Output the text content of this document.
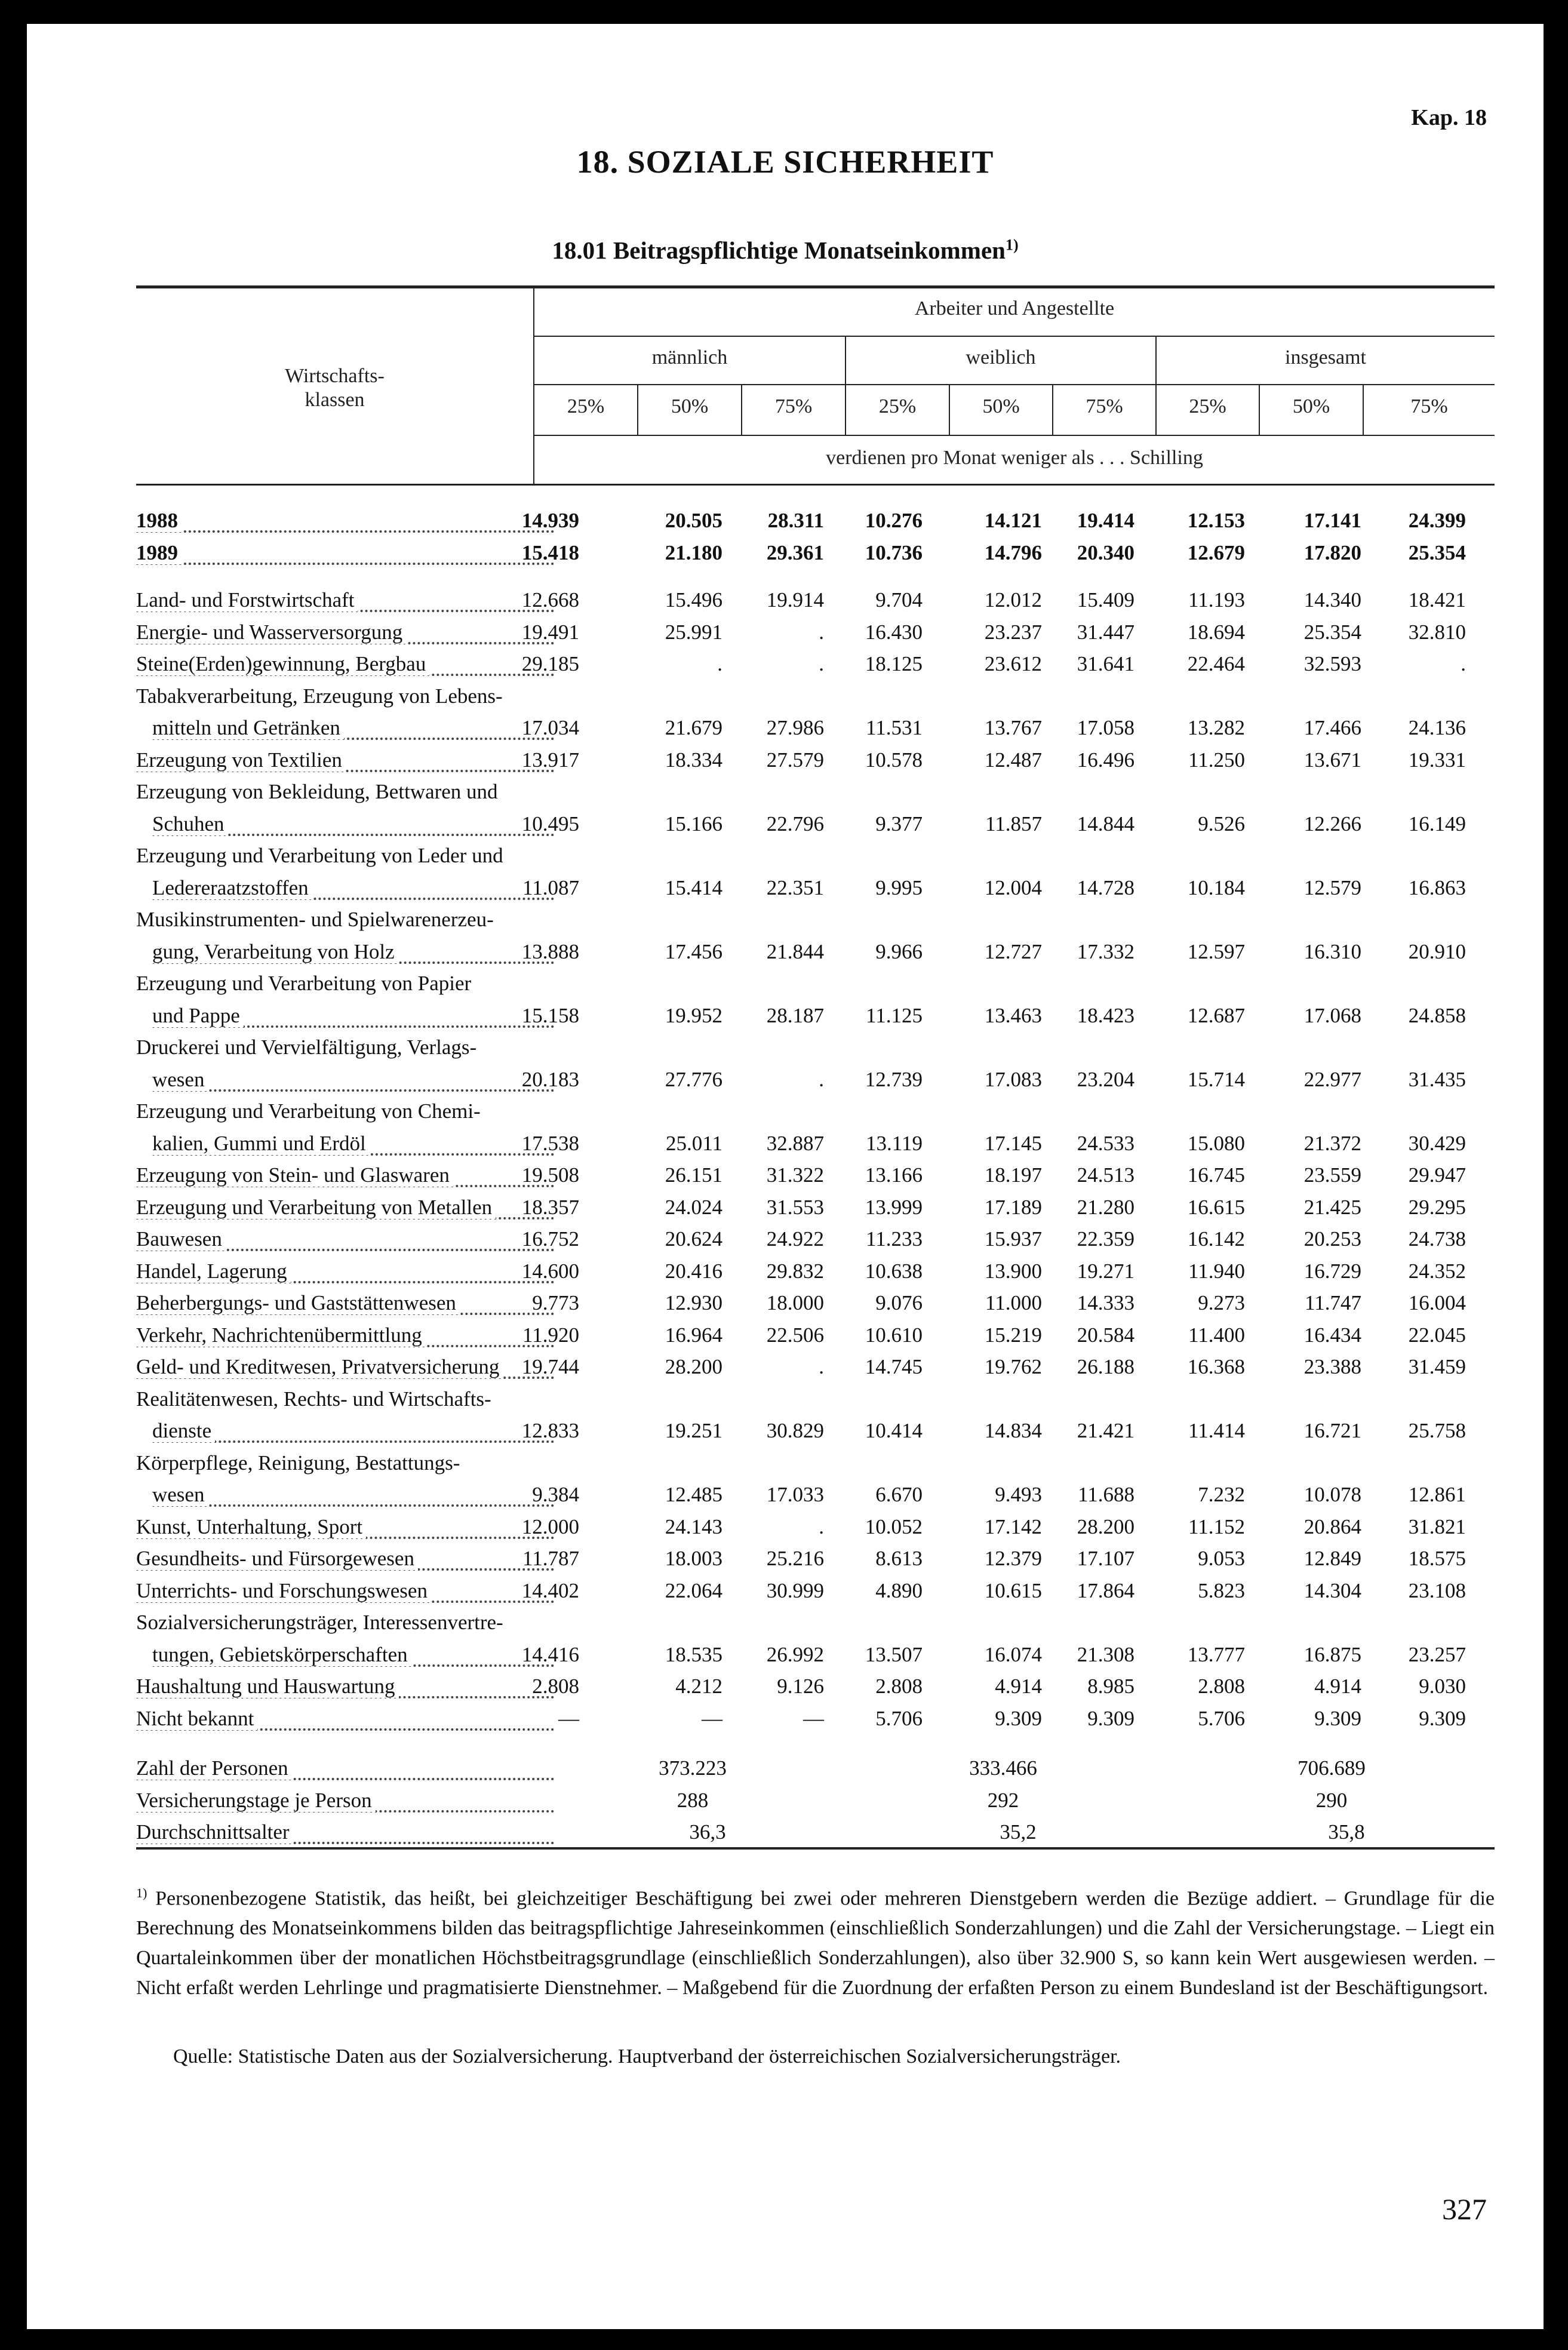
Kap. 18
18. SOZIALE SICHERHEIT
18.01 Beitragspflichtige Monatseinkommen$^{1)}$
Wirtschafts-
klassen
Arbeiter und Angestellte
männlich	weiblich	insgesamt
25%	50%	75%	25%	50%	75%	25%	50%	75%
verdienen pro Monat weniger als . . . Schilling
1988	14.939	20.505	28.311	10.276	14.121	19.414	12.153	17.141	24.399
1989	15.418	21.180	29.361	10.736	14.796	20.340	12.679	17.820	25.354
Land- und Forstwirtschaft	12.668	15.496	19.914	9.704	12.012	15.409	11.193	14.340	18.421
Energie- und Wasserversorgung	19.491	25.991	.	16.430	23.237	31.447	18.694	25.354	32.810
Steine(Erden)gewinnung, Bergbau	29.185	.	.	18.125	23.612	31.641	22.464	32.593	.
Tabakverarbeitung, Erzeugung von Lebens-
mitteln und Getränken	17.034	21.679	27.986	11.531	13.767	17.058	13.282	17.466	24.136
Erzeugung von Textilien	13.917	18.334	27.579	10.578	12.487	16.496	11.250	13.671	19.331
Erzeugung von Bekleidung, Bettwaren und
Schuhen	10.495	15.166	22.796	9.377	11.857	14.844	9.526	12.266	16.149
Erzeugung und Verarbeitung von Leder und
Ledereraatzstoffen	11.087	15.414	22.351	9.995	12.004	14.728	10.184	12.579	16.863
Musikinstrumenten- und Spielwarenerzeu-
gung, Verarbeitung von Holz	13.888	17.456	21.844	9.966	12.727	17.332	12.597	16.310	20.910
Erzeugung und Verarbeitung von Papier
und Pappe	15.158	19.952	28.187	11.125	13.463	18.423	12.687	17.068	24.858
Druckerei und Vervielfältigung, Verlags-
wesen	20.183	27.776	.	12.739	17.083	23.204	15.714	22.977	31.435
Erzeugung und Verarbeitung von Chemi-
kalien, Gummi und Erdöl	17.538	25.011	32.887	13.119	17.145	24.533	15.080	21.372	30.429
Erzeugung von Stein- und Glaswaren	19.508	26.151	31.322	13.166	18.197	24.513	16.745	23.559	29.947
Erzeugung und Verarbeitung von Metallen	18.357	24.024	31.553	13.999	17.189	21.280	16.615	21.425	29.295
Bauwesen	16.752	20.624	24.922	11.233	15.937	22.359	16.142	20.253	24.738
Handel, Lagerung	14.600	20.416	29.832	10.638	13.900	19.271	11.940	16.729	24.352
Beherbergungs- und Gaststättenwesen	9.773	12.930	18.000	9.076	11.000	14.333	9.273	11.747	16.004
Verkehr, Nachrichtenübermittlung	11.920	16.964	22.506	10.610	15.219	20.584	11.400	16.434	22.045
Geld- und Kreditwesen, Privatversicherung	19.744	28.200	.	14.745	19.762	26.188	16.368	23.388	31.459
Realitätenwesen, Rechts- und Wirtschafts-
dienste	12.833	19.251	30.829	10.414	14.834	21.421	11.414	16.721	25.758
Körperpflege, Reinigung, Bestattungs-
wesen	9.384	12.485	17.033	6.670	9.493	11.688	7.232	10.078	12.861
Kunst, Unterhaltung, Sport	12.000	24.143	.	10.052	17.142	28.200	11.152	20.864	31.821
Gesundheits- und Fürsorgewesen	11.787	18.003	25.216	8.613	12.379	17.107	9.053	12.849	18.575
Unterrichts- und Forschungswesen	14.402	22.064	30.999	4.890	10.615	17.864	5.823	14.304	23.108
Sozialversicherungsträger, Interessenvertre-
tungen, Gebietskörperschaften	14.416	18.535	26.992	13.507	16.074	21.308	13.777	16.875	23.257
Haushaltung und Hauswartung	2.808	4.212	9.126	2.808	4.914	8.985	2.808	4.914	9.030
Nicht bekannt	—	—	—	5.706	9.309	9.309	5.706	9.309	9.309
Zahl der Personen	373.223	333.466	706.689
Versicherungstage je Person	288	292	290
Durchschnittsalter	36,3	35,2	35,8
$^{1)}$ Personenbezogene Statistik, das heißt, bei gleichzeitiger Beschäftigung bei zwei oder mehreren Dienstgebern werden die Bezüge addiert. – Grundlage für die Berechnung des Monatseinkommens bilden das beitragspflichtige Jahreseinkommen (einschließlich Sonderzahlungen) und die Zahl der Versicherungstage. – Liegt ein Quartaleinkommen über der monatlichen Höchstbeitragsgrundlage (einschließlich Sonderzahlungen), also über 32.900 S, so kann kein Wert ausgewiesen werden. – Nicht erfaßt werden Lehrlinge und pragmatisierte Dienstnehmer. – Maßgebend für die Zuordnung der erfaßten Person zu einem Bundesland ist der Beschäftigungsort.
Quelle: Statistische Daten aus der Sozialversicherung. Hauptverband der österreichischen Sozialversicherungsträger.
327
